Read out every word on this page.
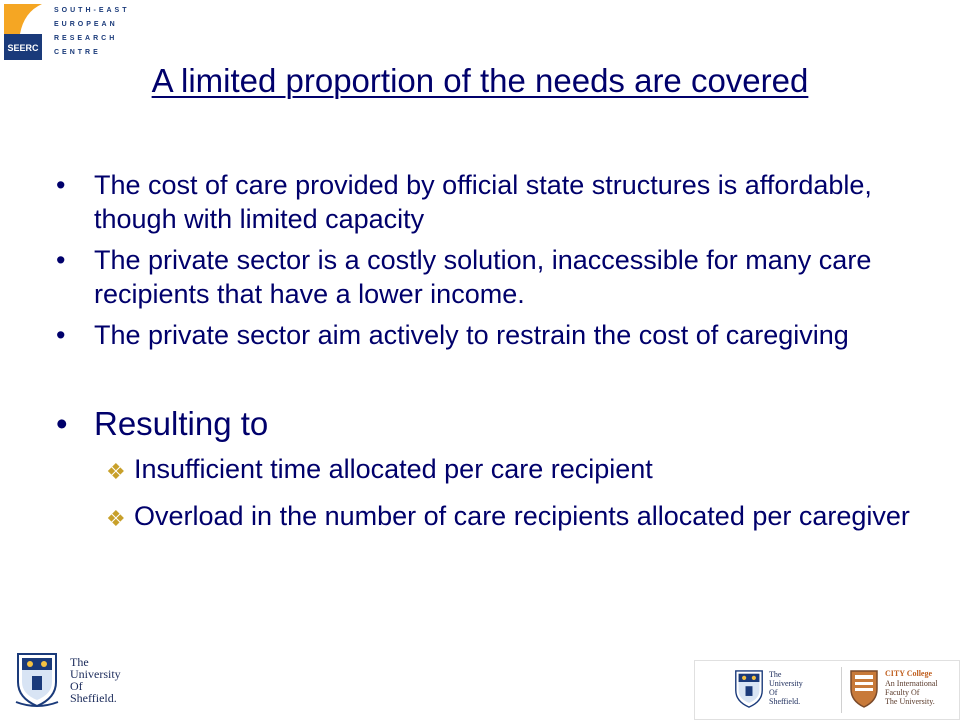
SEERC
SOUTH-EAST
EUROPEAN
RESEARCH
CENTRE
A limited proportion of the needs are covered
• The cost of care provided by official state structures is affordable, though with limited capacity
• The private sector is a costly solution, inaccessible for many care recipients that have a lower income.
• The private sector aim actively to restrain the cost of caregiving
• Resulting to
❖ Insufficient time allocated per care recipient
❖ Overload in the number of care recipients allocated per caregiver
The
University
Of
Sheffield.
The
University
Of
Sheffield.
CITY College
An International
Faculty Of
The University.
